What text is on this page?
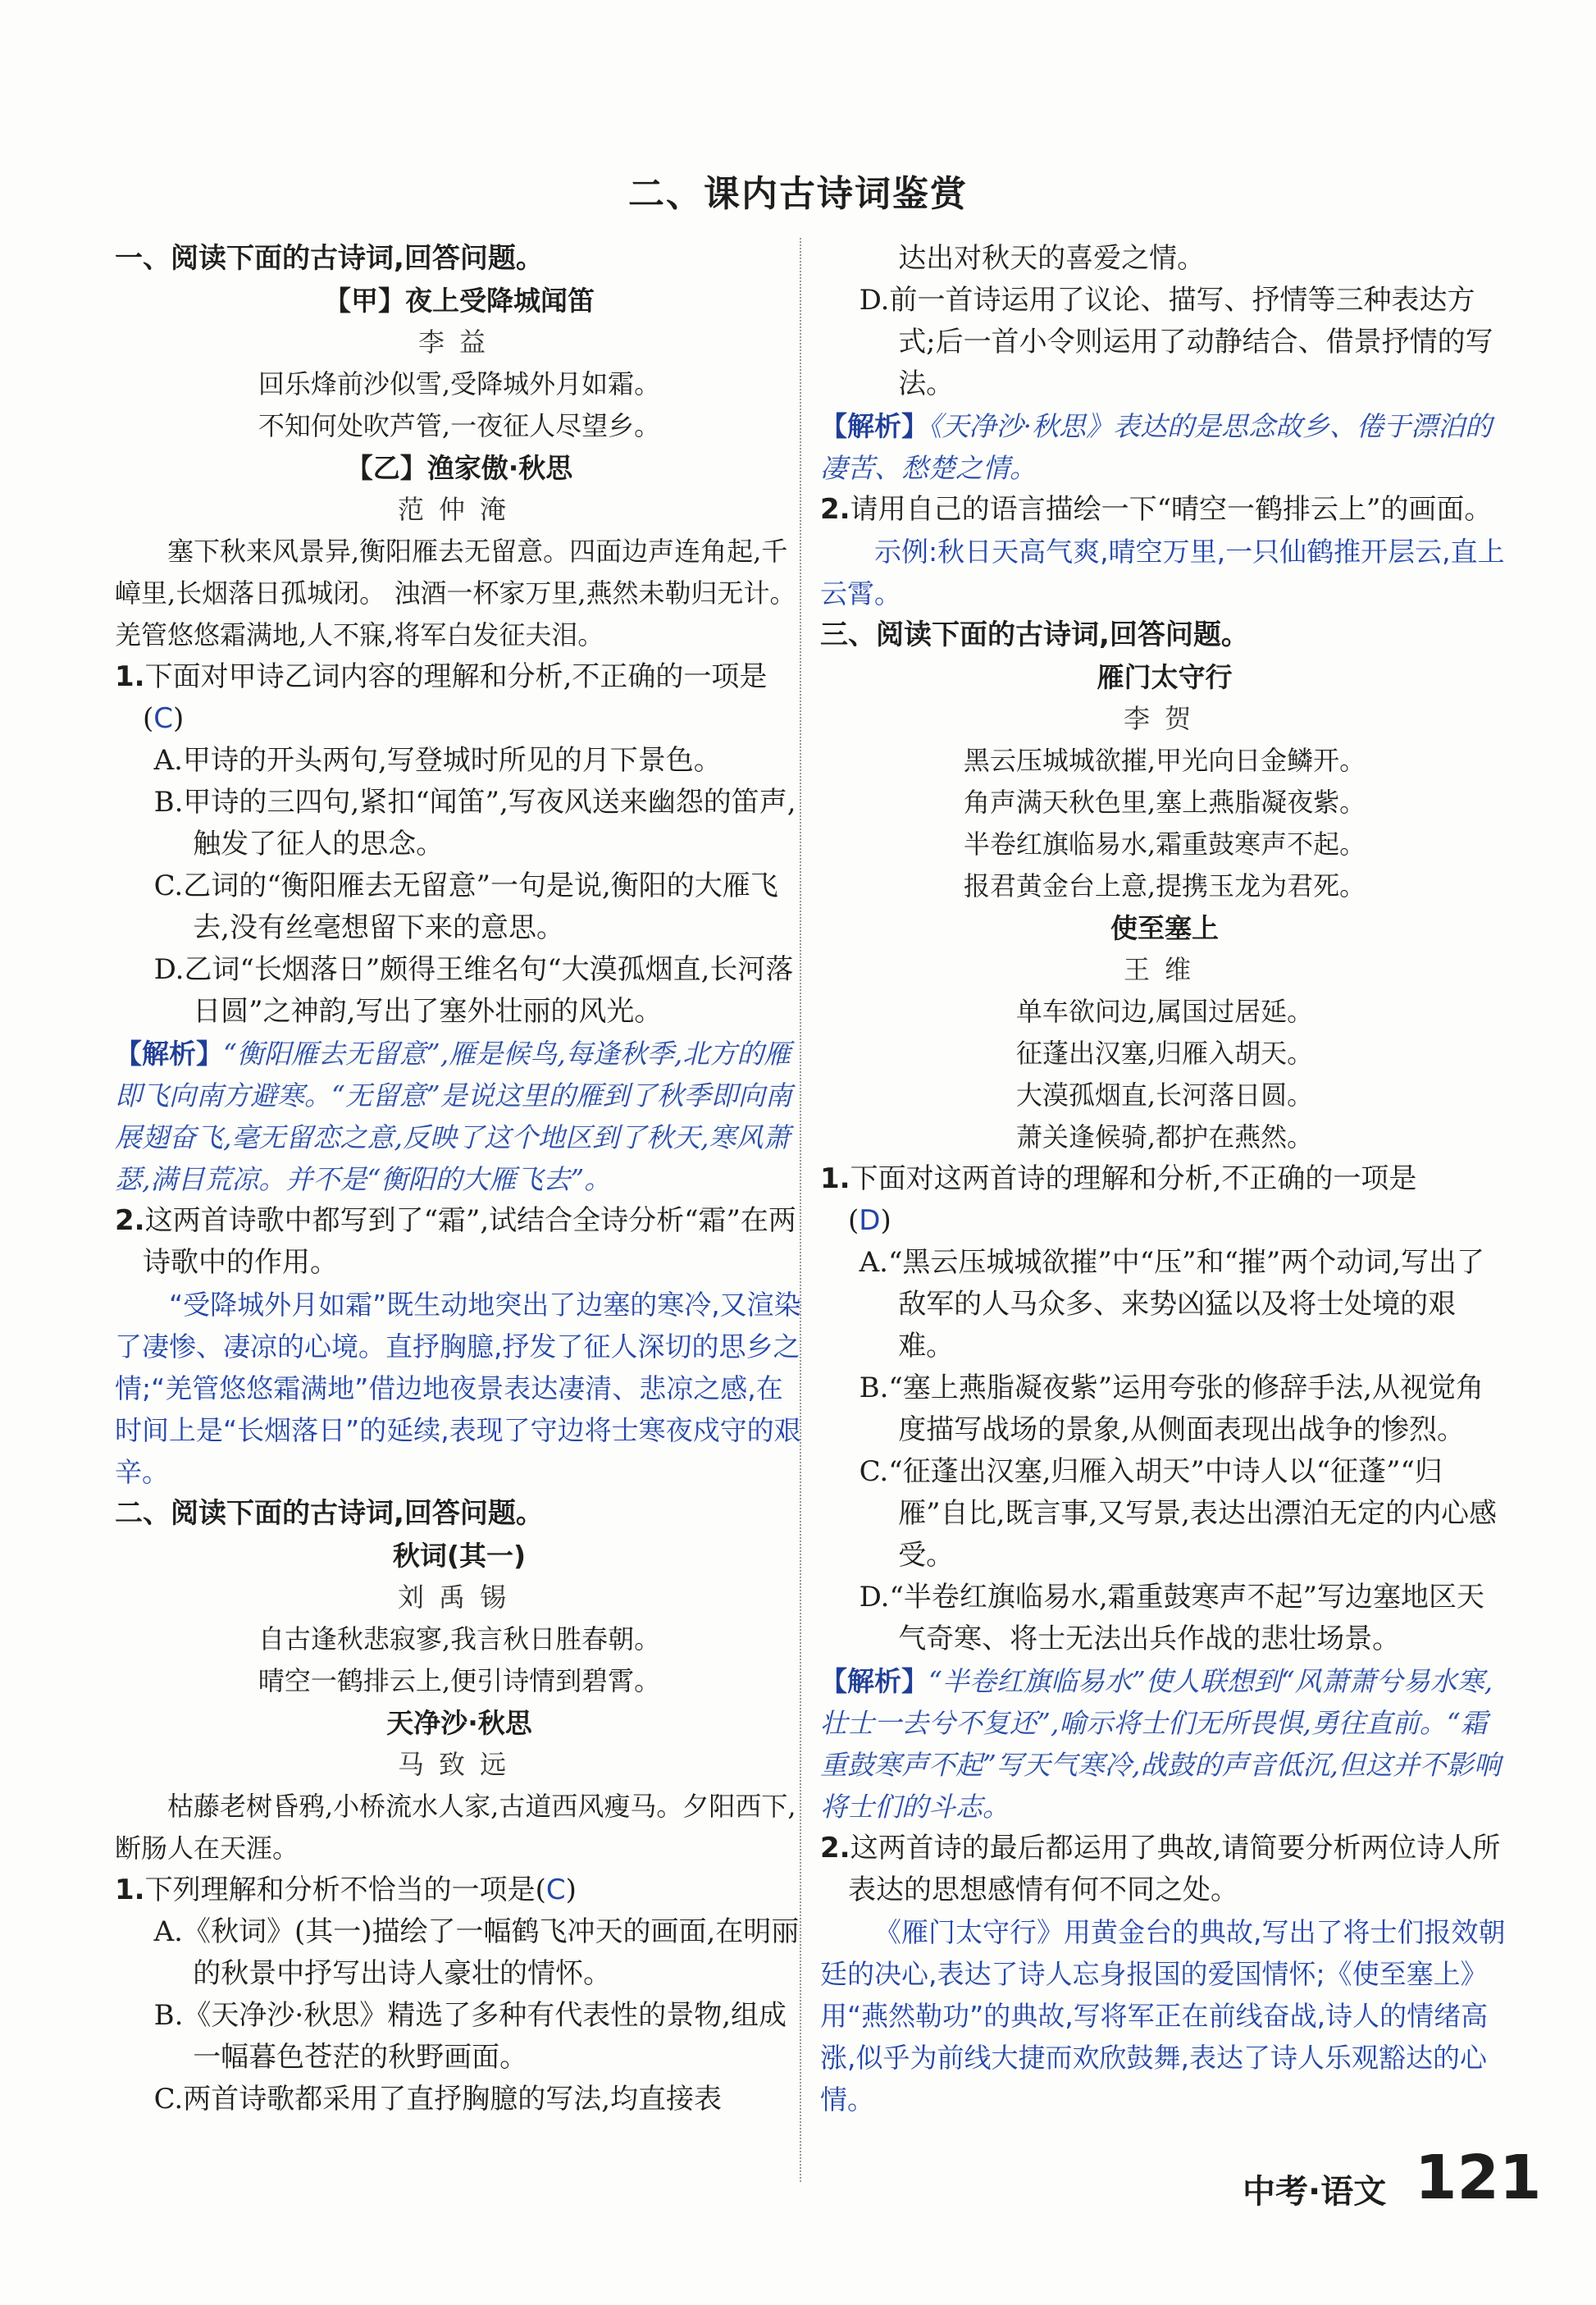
二、课内古诗词鉴赏

一、阅读下面的古诗词,回答问题。

【甲】夜上受降城闻笛

李益

回乐烽前沙似雪,受降城外月如霜。

不知何处吹芦管,一夜征人尽望乡。

【乙】渔家傲·秋思

范仲淹

塞下秋来风景异,衡阳雁去无留意。四面边声连角起,千嶂里,长烟落日孤城闭。 浊酒一杯家万里,燕然未勒归无计。羌管悠悠霜满地,人不寐,将军白发征夫泪。

1.下面对甲诗乙词内容的理解和分析,不正确的一项是(C)

A.甲诗的开头两句,写登城时所见的月下景色。

B.甲诗的三四句,紧扣“闻笛”,写夜风送来幽怨的笛声,触发了征人的思念。

C.乙词的“衡阳雁去无留意”一句是说,衡阳的大雁飞去,没有丝毫想留下来的意思。

D.乙词“长烟落日”颇得王维名句“大漠孤烟直,长河落日圆”之神韵,写出了塞外壮丽的风光。

【解析】“衡阳雁去无留意”,雁是候鸟,每逢秋季,北方的雁即飞向南方避寒。“无留意”是说这里的雁到了秋季即向南展翅奋飞,毫无留恋之意,反映了这个地区到了秋天,寒风萧瑟,满目荒凉。并不是“衡阳的大雁飞去”。

2.这两首诗歌中都写到了“霜”,试结合全诗分析“霜”在两诗歌中的作用。

“受降城外月如霜”既生动地突出了边塞的寒冷,又渲染了凄惨、凄凉的心境。直抒胸臆,抒发了征人深切的思乡之情;“羌管悠悠霜满地”借边地夜景表达凄清、悲凉之感,在时间上是“长烟落日”的延续,表现了守边将士寒夜戍守的艰辛。

二、阅读下面的古诗词,回答问题。

秋词(其一)

刘禹锡

自古逢秋悲寂寥,我言秋日胜春朝。

晴空一鹤排云上,便引诗情到碧霄。

天净沙·秋思

马致远

枯藤老树昏鸦,小桥流水人家,古道西风瘦马。夕阳西下,断肠人在天涯。

1.下列理解和分析不恰当的一项是(C)

A.《秋词》(其一)描绘了一幅鹤飞冲天的画面,在明丽的秋景中抒写出诗人豪壮的情怀。

B.《天净沙·秋思》精选了多种有代表性的景物,组成一幅暮色苍茫的秋野画面。

C.两首诗歌都采用了直抒胸臆的写法,均直接表

达出对秋天的喜爱之情。

D.前一首诗运用了议论、描写、抒情等三种表达方式;后一首小令则运用了动静结合、借景抒情的写法。

【解析】《天净沙·秋思》表达的是思念故乡、倦于漂泊的凄苦、愁楚之情。

2.请用自己的语言描绘一下“晴空一鹤排云上”的画面。

示例:秋日天高气爽,晴空万里,一只仙鹤推开层云,直上云霄。

三、阅读下面的古诗词,回答问题。

雁门太守行

李贺

黑云压城城欲摧,甲光向日金鳞开。

角声满天秋色里,塞上燕脂凝夜紫。

半卷红旗临易水,霜重鼓寒声不起。

报君黄金台上意,提携玉龙为君死。

使至塞上

王维

单车欲问边,属国过居延。

征蓬出汉塞,归雁入胡天。

大漠孤烟直,长河落日圆。

萧关逢候骑,都护在燕然。

1.下面对这两首诗的理解和分析,不正确的一项是
(D)

A.“黑云压城城欲摧”中“压”和“摧”两个动词,写出了敌军的人马众多、来势凶猛以及将士处境的艰难。

B.“塞上燕脂凝夜紫”运用夸张的修辞手法,从视觉角度描写战场的景象,从侧面表现出战争的惨烈。

C.“征蓬出汉塞,归雁入胡天”中诗人以“征蓬”“归雁”自比,既言事,又写景,表达出漂泊无定的内心感受。

D.“半卷红旗临易水,霜重鼓寒声不起”写边塞地区天气奇寒、将士无法出兵作战的悲壮场景。

【解析】“半卷红旗临易水”使人联想到“风萧萧兮易水寒,壮士一去兮不复还”,喻示将士们无所畏惧,勇往直前。“霜重鼓寒声不起”写天气寒冷,战鼓的声音低沉,但这并不影响将士们的斗志。

2.这两首诗的最后都运用了典故,请简要分析两位诗人所表达的思想感情有何不同之处。

《雁门太守行》用黄金台的典故,写出了将士们报效朝廷的决心,表达了诗人忘身报国的爱国情怀;《使至塞上》用“燕然勒功”的典故,写将军正在前线奋战,诗人的情绪高涨,似乎为前线大捷而欢欣鼓舞,表达了诗人乐观豁达的心情。

中考·语文 121
